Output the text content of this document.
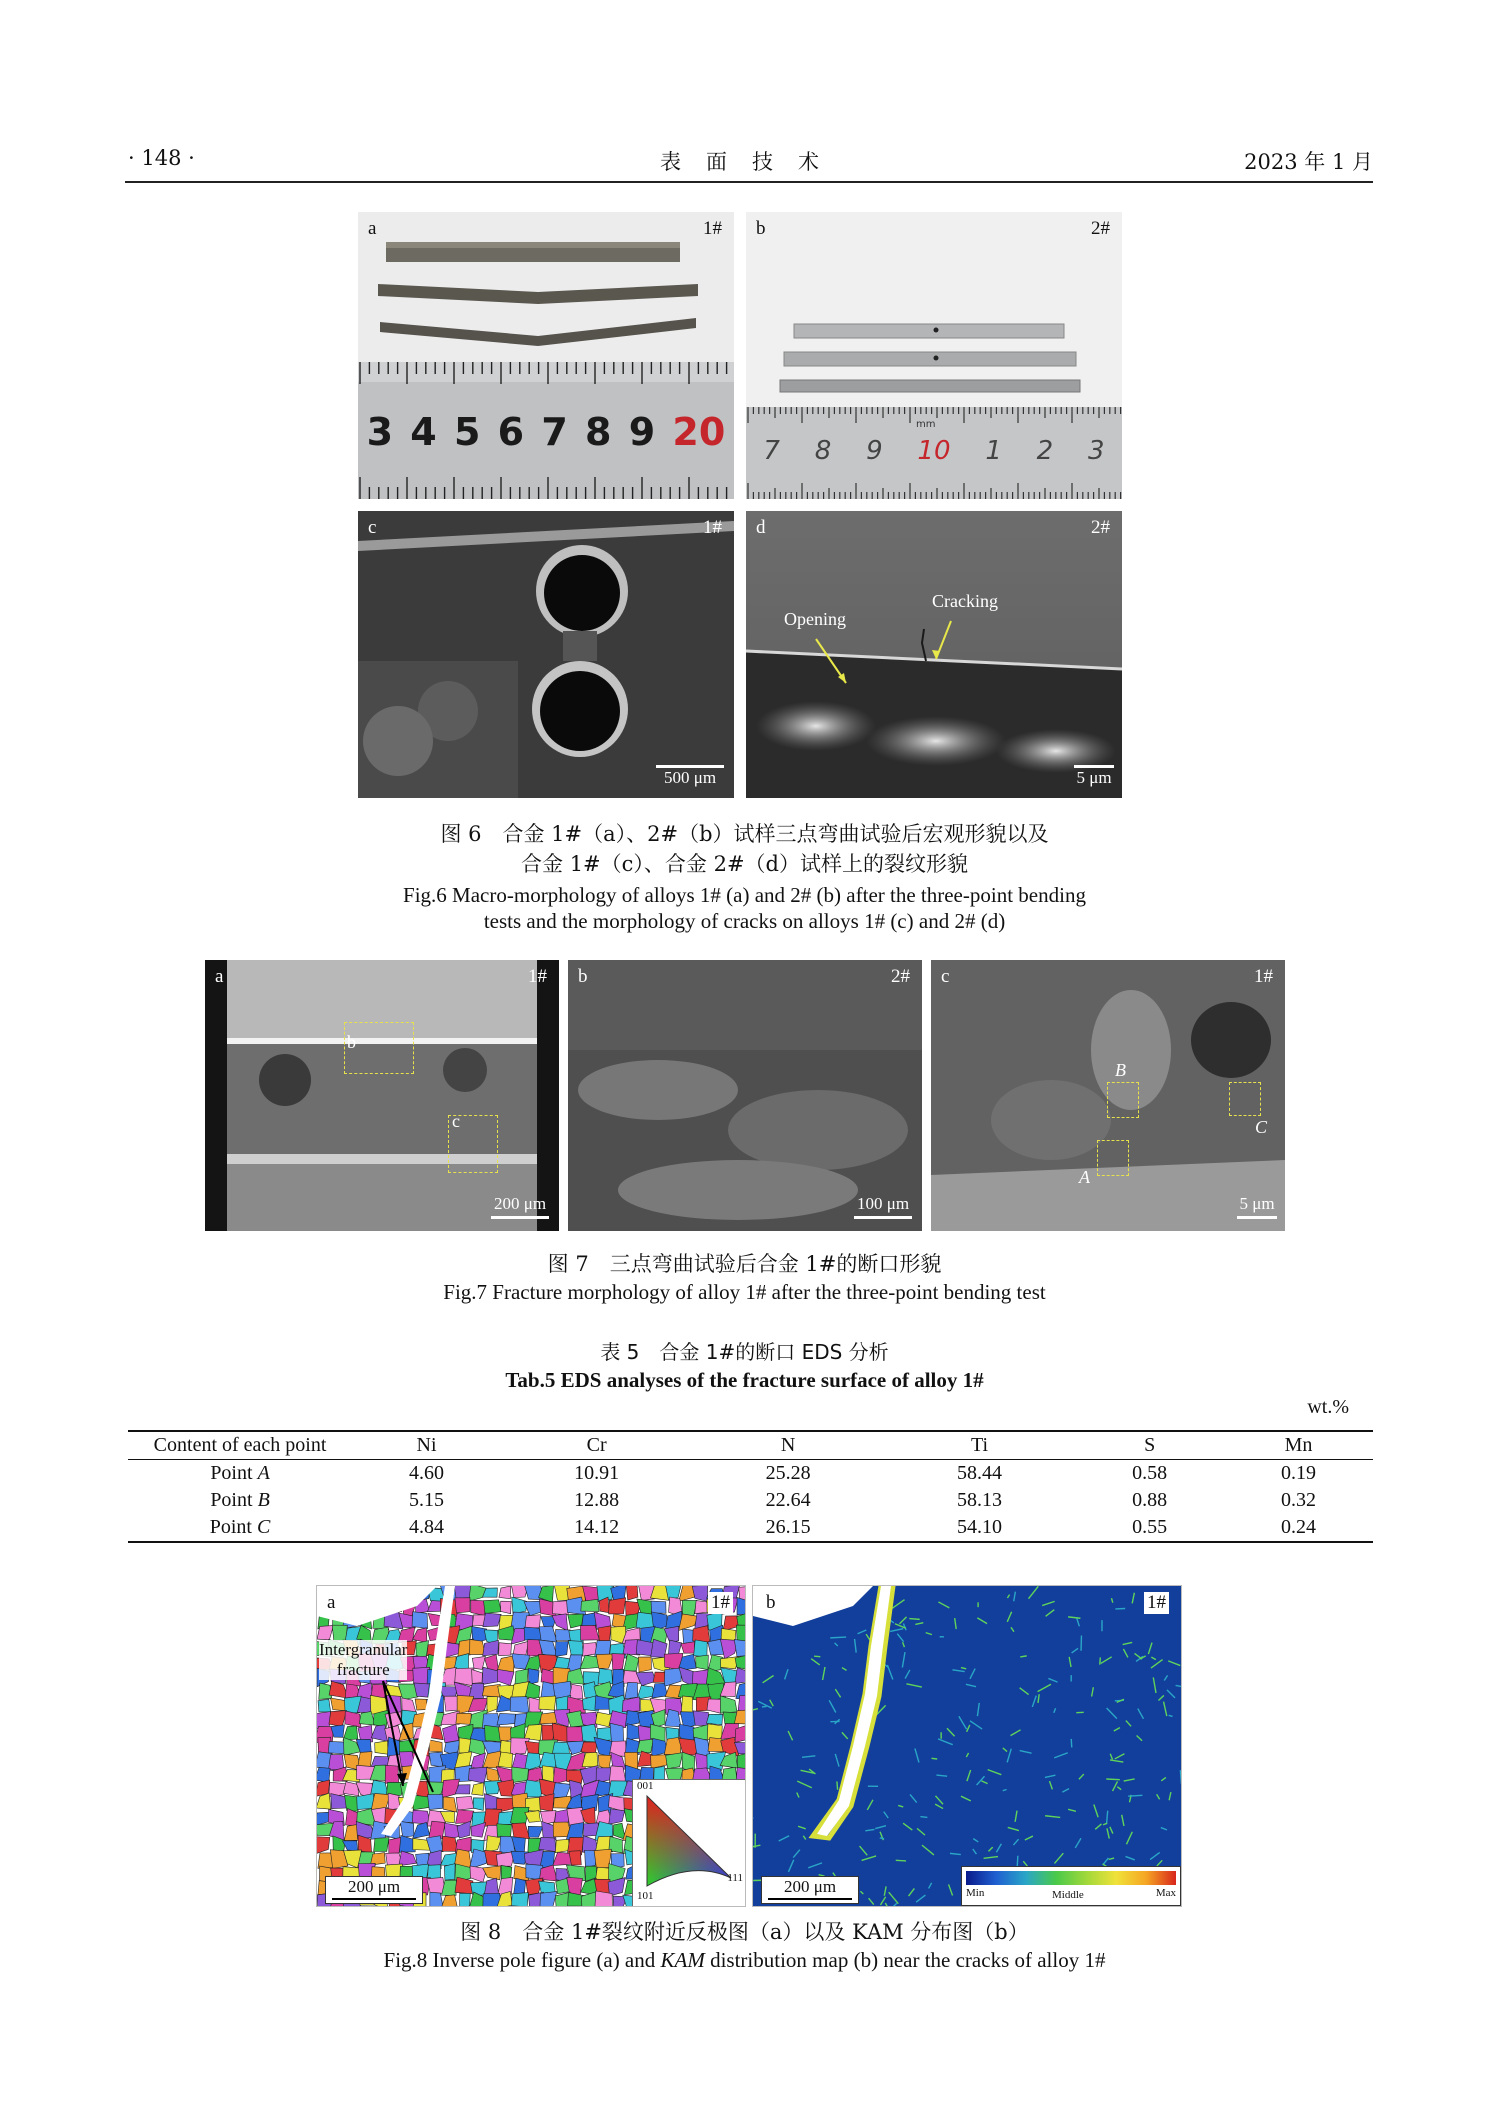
· 148 ·	表　面　技　术	2023 年 1 月
a	1#
3 4 5 6 7 8 9 20
b	2#
mm
7 8 9 10 1 2 3
c	1#
500 μm
d	2#
Opening
Cracking
5 μm
图 6　合金 1#（a）、2#（b）试样三点弯曲试验后宏观形貌以及
合金 1#（c）、合金 2#（d）试样上的裂纹形貌
Fig.6 Macro-morphology of alloys 1# (a) and 2# (b) after the three-point bending
tests and the morphology of cracks on alloys 1# (c) and 2# (d)
b
c
a	1#
200 μm
b	2#
100 μm
B
C
A
c	1#
5 μm
图 7　三点弯曲试验后合金 1#的断口形貌
Fig.7 Fracture morphology of alloy 1# after the three-point bending test
表 5　合金 1#的断口 EDS 分析
Tab.5 EDS analyses of the fracture surface of alloy 1#
wt.%
Content of each point	Ni	Cr	N	Ti	S	Mn
Point A	4.60	10.91	25.28	58.44	0.58	0.19
Point B	5.15	12.88	22.64	58.13	0.88	0.32
Point C	4.84	14.12	26.15	54.10	0.55	0.24
a	1#
Intergranular
fracture
001
101
111
200 μm
b	1#
200 μm	Min	Middle	Max
图 8　合金 1#裂纹附近反极图（a）以及 KAM 分布图（b）
Fig.8 Inverse pole figure (a) and KAM distribution map (b) near the cracks of alloy 1#
